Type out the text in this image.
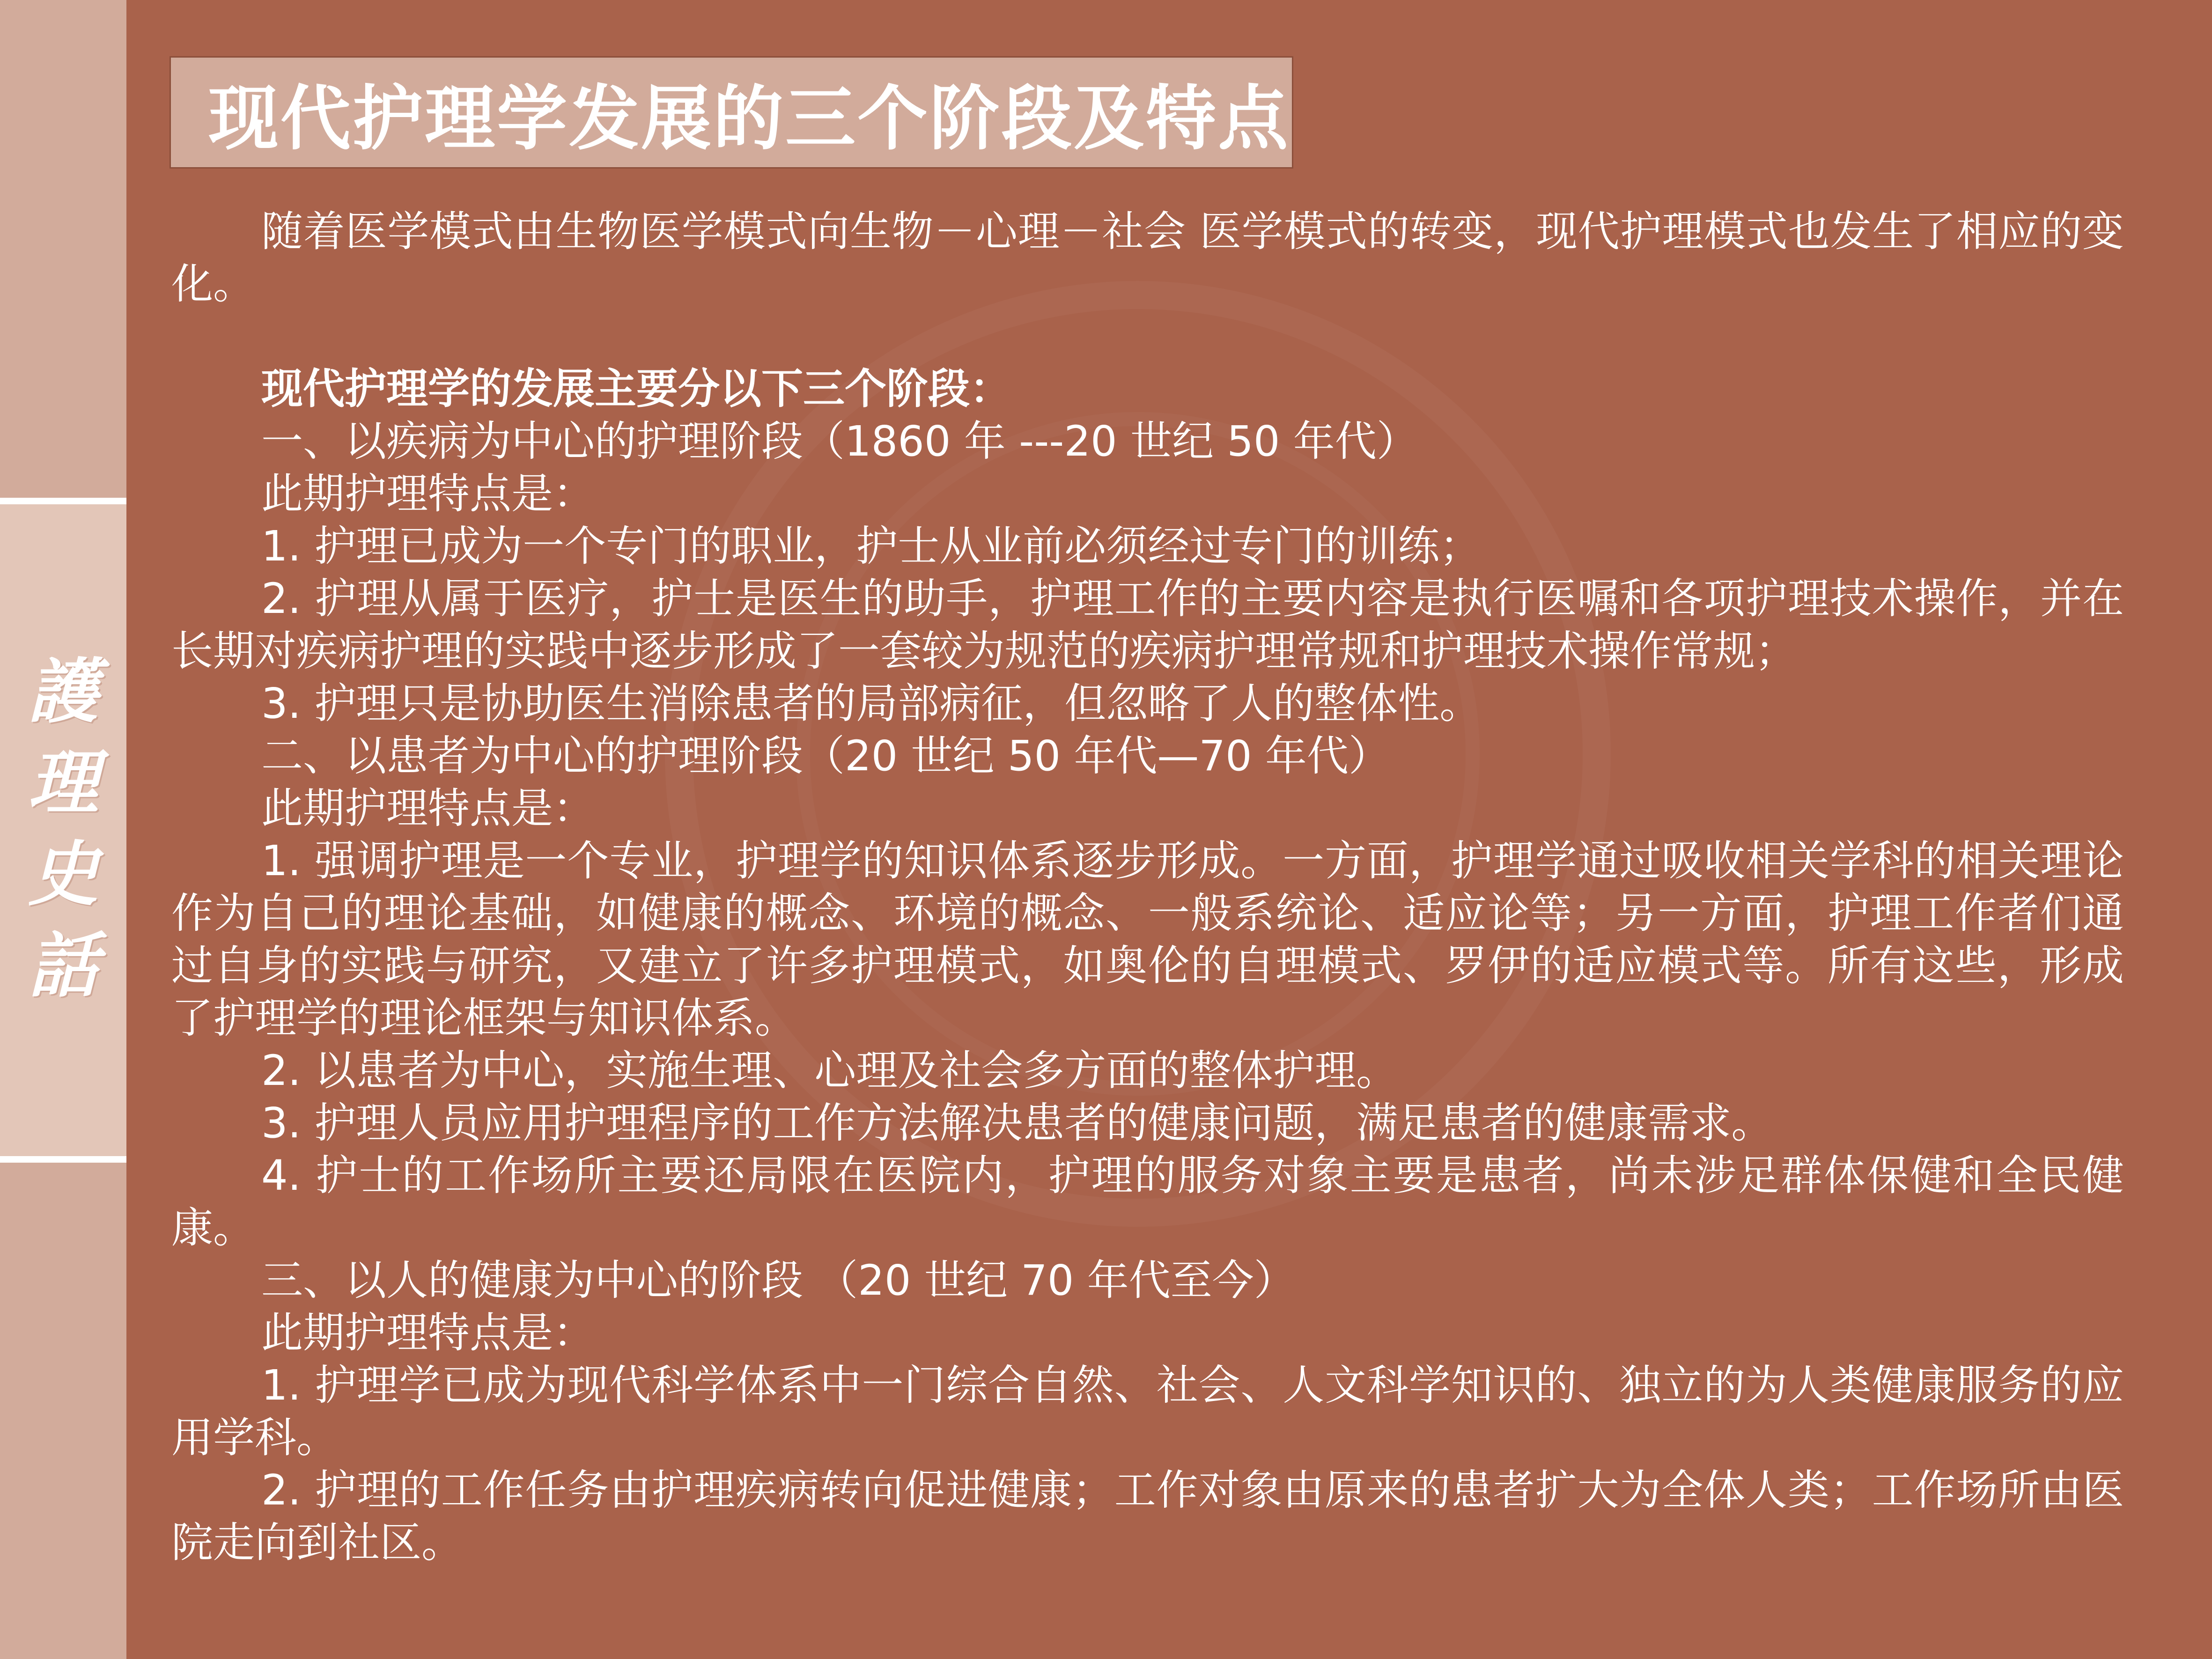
護
理
史
話
现代护理学发展的三个阶段及特点

随着医学模式由生物医学模式向生物－心理－社会 医学模式的转变，现代护理模式也发生了相应的变化。

现代护理学的发展主要分以下三个阶段：

一、以疾病为中心的护理阶段（1860 年 ---20 世纪 50 年代）

此期护理特点是：

1. 护理已成为一个专门的职业，护士从业前必须经过专门的训练；

2. 护理从属于医疗，护士是医生的助手，护理工作的主要内容是执行医嘱和各项护理技术操作，并在长期对疾病护理的实践中逐步形成了一套较为规范的疾病护理常规和护理技术操作常规；

3. 护理只是协助医生消除患者的局部病征，但忽略了人的整体性。

二、以患者为中心的护理阶段（20 世纪 50 年代—70 年代）

此期护理特点是：

1. 强调护理是一个专业，护理学的知识体系逐步形成。一方面，护理学通过吸收相关学科的相关理论作为自己的理论基础，如健康的概念、环境的概念、一般系统论、适应论等；另一方面，护理工作者们通过自身的实践与研究，又建立了许多护理模式，如奥伦的自理模式、罗伊的适应模式等。所有这些，形成了护理学的理论框架与知识体系。

2. 以患者为中心，实施生理、心理及社会多方面的整体护理。

3. 护理人员应用护理程序的工作方法解决患者的健康问题，满足患者的健康需求。

4. 护士的工作场所主要还局限在医院内，护理的服务对象主要是患者，尚未涉足群体保健和全民健康。

三、以人的健康为中心的阶段 （20 世纪 70 年代至今）

此期护理特点是：

1. 护理学已成为现代科学体系中一门综合自然、社会、人文科学知识的、独立的为人类健康服务的应用学科。

2. 护理的工作任务由护理疾病转向促进健康；工作对象由原来的患者扩大为全体人类；工作场所由医院走向到社区。
